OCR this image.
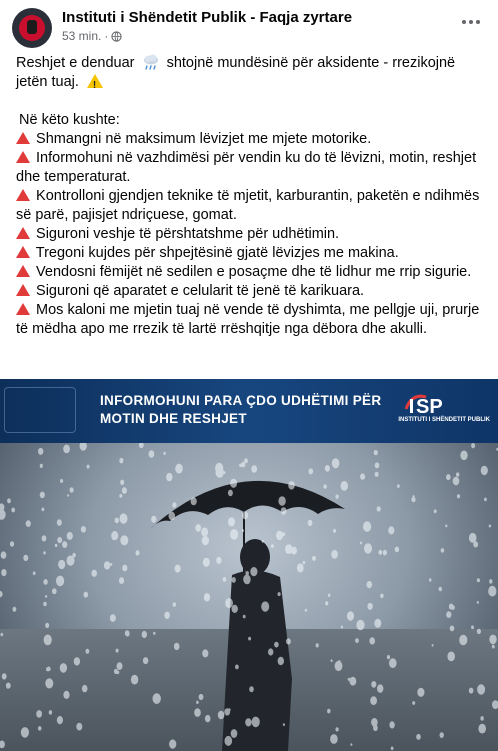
Instituti i Shëndetit Publik - Faqja zyrtare
53 min. ·

Reshjet e denduar shtojnë mundësinë për aksidente - rrezikojnë jetën tuaj. !

Në këto kushte:

Shmangni në maksimum lëvizjet me mjete motorike.

Informohuni në vazhdimësi për vendin ku do të lëvizni, motin, reshjet dhe temperaturat.

Kontrolloni gjendjen teknike të mjetit, karburantin, paketën e ndihmës së parë, pajisjet ndriçuese, gomat.

Siguroni veshje të përshtatshme për udhëtimin.

Tregoni kujdes për shpejtësinë gjatë lëvizjes me makina.

Vendosni fëmijët në sedilen e posaçme dhe të lidhur me rrip sigurie.

Siguroni që aparatet e celularit të jenë të karikuara.

Mos kaloni me mjetin tuaj në vende të dyshimta, me pellgje uji, prurje të mëdha apo me rrezik të lartë rrëshqitje nga dëbora dhe akulli.

INFORMOHUNI PARA ÇDO UDHËTIMI PËR MOTIN DHE RESHJET
SP
INSTITUTI I SHËNDETIT PUBLIK
